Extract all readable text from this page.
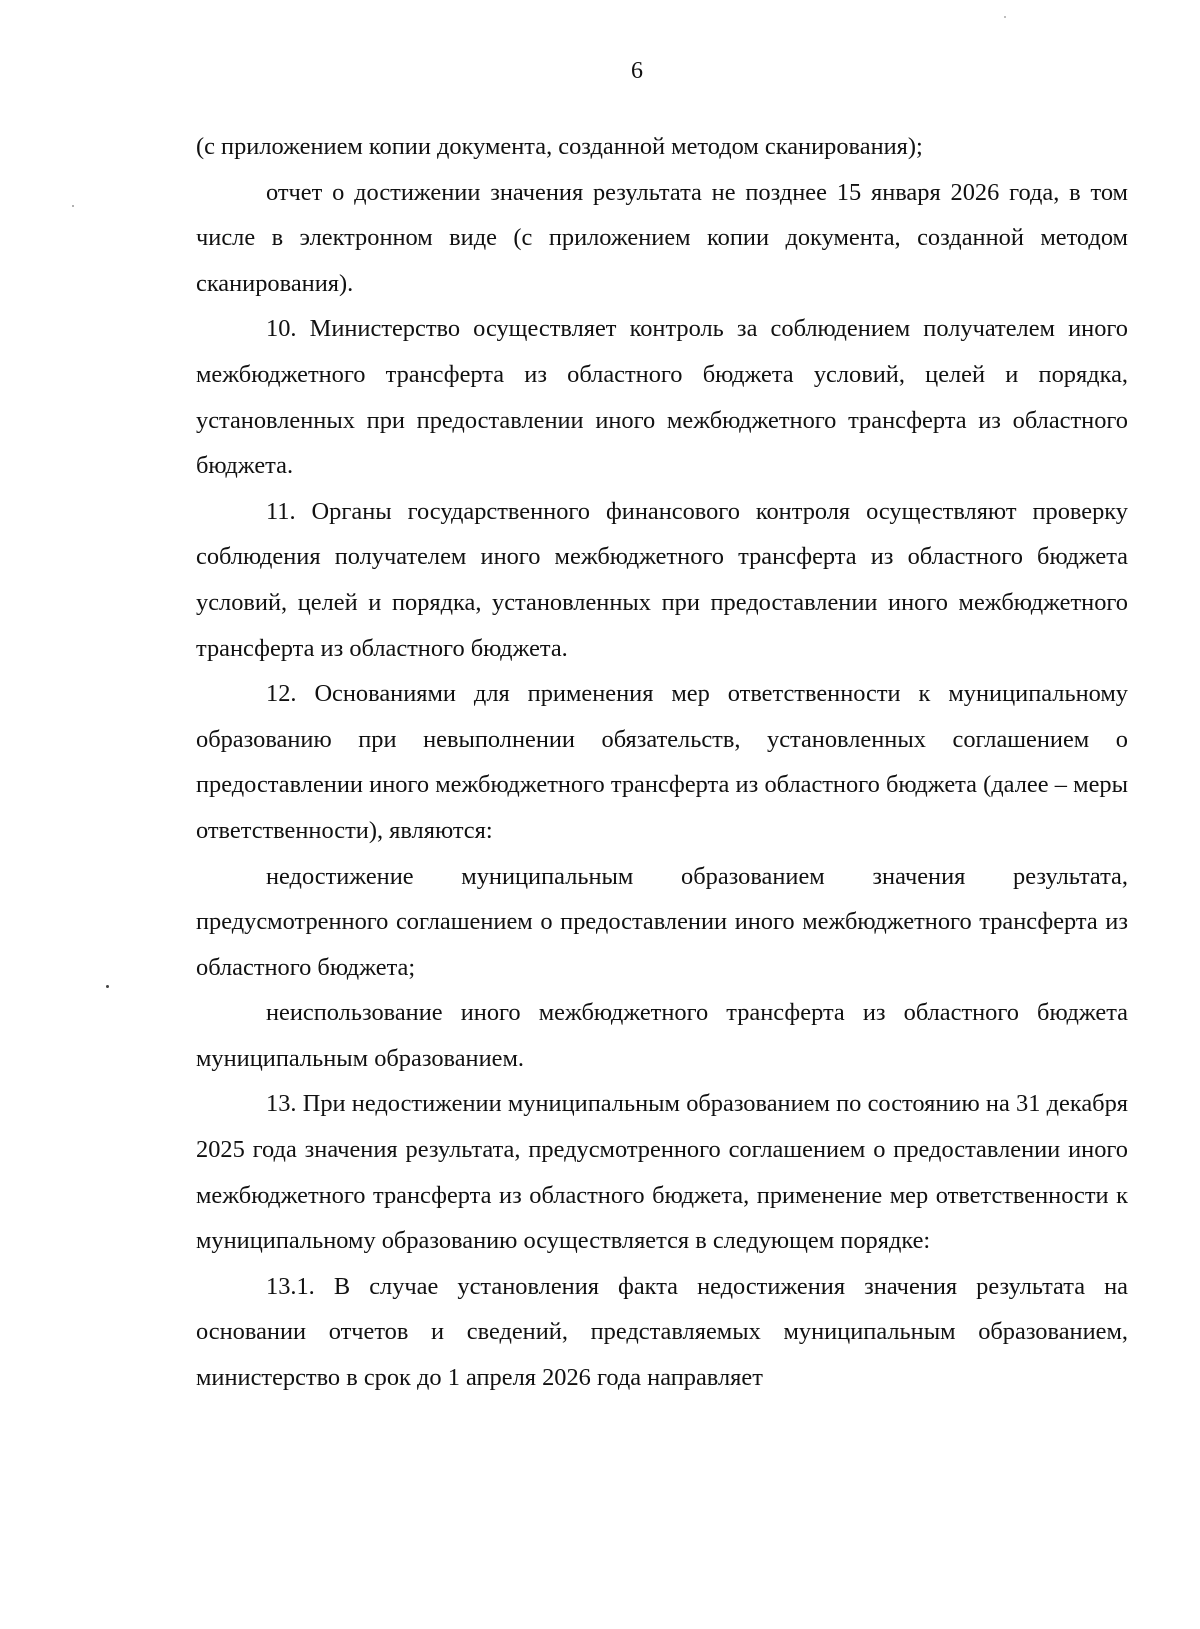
6

(с приложением копии документа, созданной методом сканирования);

отчет о достижении значения результата не позднее 15 января 2026 года, в том числе в электронном виде (с приложением копии документа, созданной методом сканирования).

10. Министерство осуществляет контроль за соблюдением получателем иного межбюджетного трансферта из областного бюджета условий, целей и порядка, установленных при предоставлении иного межбюджетного трансферта из областного бюджета.

11. Органы государственного финансового контроля осуществляют проверку соблюдения получателем иного межбюджетного трансферта из областного бюджета условий, целей и порядка, установленных при предоставлении иного межбюджетного трансферта из областного бюджета.

12. Основаниями для применения мер ответственности к муниципальному образованию при невыполнении обязательств, установленных соглашением о предоставлении иного межбюджетного трансферта из областного бюджета (далее – меры ответственности), являются:

недостижение муниципальным образованием значения результата, предусмотренного соглашением о предоставлении иного межбюджетного трансферта из областного бюджета;

неиспользование иного межбюджетного трансферта из областного бюджета муниципальным образованием.

13. При недостижении муниципальным образованием по состоянию на 31 декабря 2025 года значения результата, предусмотренного соглашением о предоставлении иного межбюджетного трансферта из областного бюджета, применение мер ответственности к муниципальному образованию осуществляется в следующем порядке:

13.1. В случае установления факта недостижения значения результата на основании отчетов и сведений, представляемых муниципальным образованием, министерство в срок до 1 апреля 2026 года направляет
